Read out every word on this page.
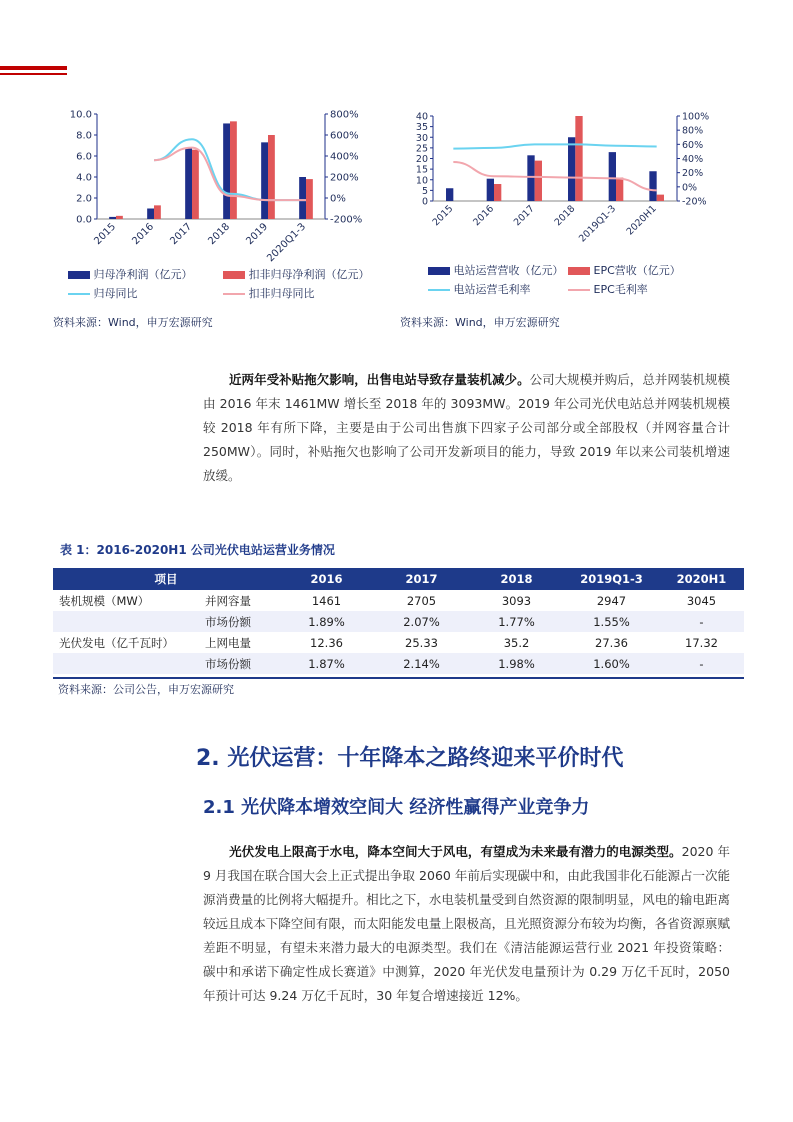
10.0
8.0
6.0
4.0
2.0
0.0
800%
600%
400%
200%
0%
-200%
2015 2016 2017 2018 2019
2020Q1-3
归母净利润（亿元）	扣非归母净利润（亿元）
归母同比	扣非归母同比
资料来源：Wind，申万宏源研究
40
35
30
25
20
15
10
5
0
100%
80%
60%
40%
20%
0%
-20%
2015 2016 2017 2018 2019Q1-3 2020H1
电站运营营收（亿元）	EPC营收（亿元）
电站运营毛利率	EPC毛利率
资料来源：Wind，申万宏源研究
近两年受补贴拖欠影响，出售电站导致存量装机减少。公司大规模并购后，总并网装机规模由 2016 年末 1461MW 增长至 2018 年的 3093MW。2019 年公司光伏电站总并网装机规模较 2018 年有所下降，主要是由于公司出售旗下四家子公司部分或全部股权（并网容量合计 250MW）。同时，补贴拖欠也影响了公司开发新项目的能力，导致 2019 年以来公司装机增速放缓。
表 1：2016-2020H1 公司光伏电站运营业务情况
项目		2016	2017	2018	2019Q1-3	2020H1
装机规模（MW）	并网容量	1461	2705	3093	2947	3045
	市场份额	1.89%	2.07%	1.77%	1.55%	-
光伏发电（亿千瓦时）	上网电量	12.36	25.33	35.2	27.36	17.32
	市场份额	1.87%	2.14%	1.98%	1.60%	-
资料来源：公司公告，申万宏源研究
2. 光伏运营：十年降本之路终迎来平价时代
2.1 光伏降本增效空间大 经济性赢得产业竞争力
光伏发电上限高于水电，降本空间大于风电，有望成为未来最有潜力的电源类型。2020 年 9 月我国在联合国大会上正式提出争取 2060 年前后实现碳中和，由此我国非化石能源占一次能源消费量的比例将大幅提升。相比之下，水电装机量受到自然资源的限制明显，风电的输电距离较远且成本下降空间有限，而太阳能发电量上限极高，且光照资源分布较为均衡，各省资源禀赋差距不明显，有望未来潜力最大的电源类型。我们在《清洁能源运营行业 2021 年投资策略：碳中和承诺下确定性成长赛道》中测算，2020 年光伏发电量预计为 0.29 万亿千瓦时，2050 年预计可达 9.24 万亿千瓦时，30 年复合增速接近 12%。
